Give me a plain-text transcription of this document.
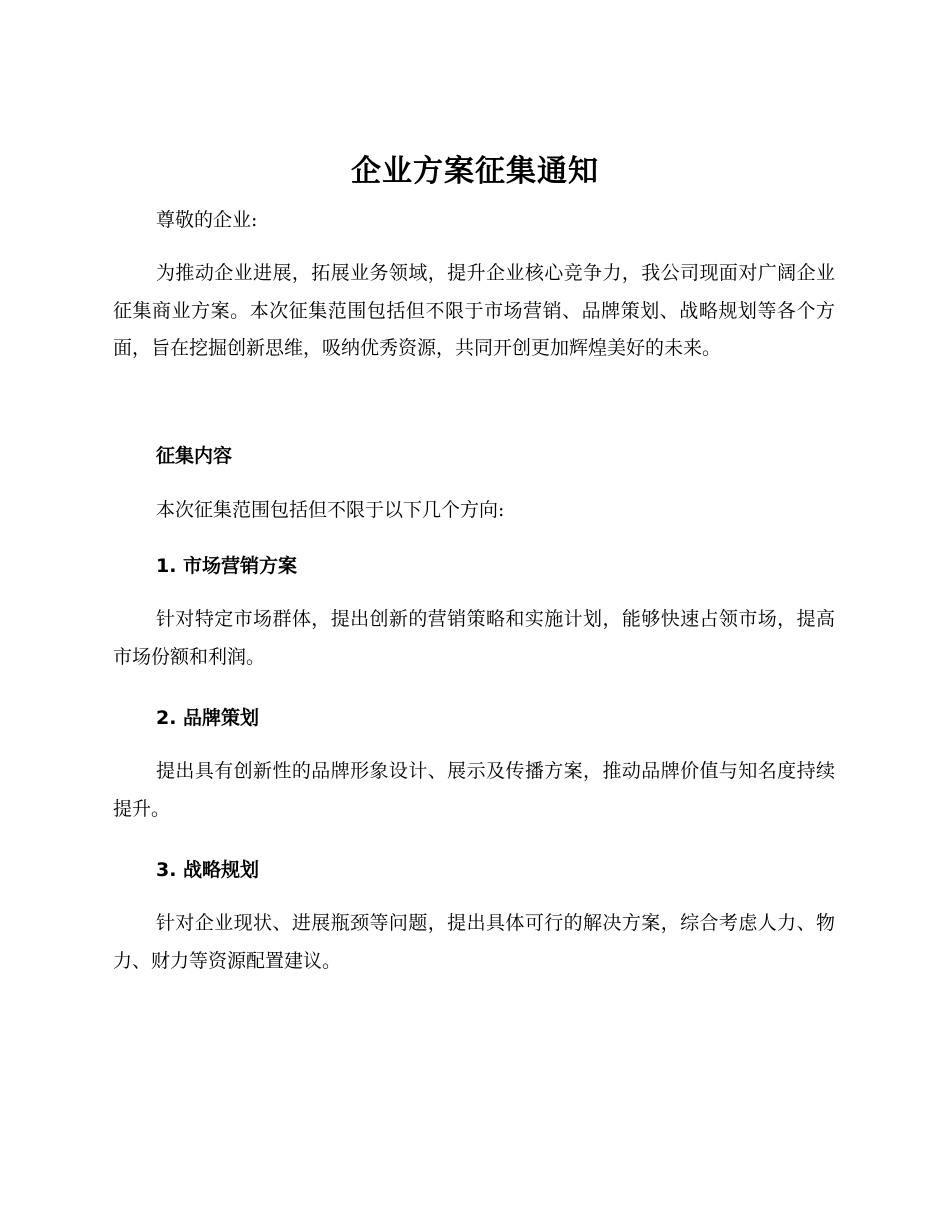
企业方案征集通知
尊敬的企业:
为推动企业进展，拓展业务领域，提升企业核心竞争力，我公司现面对广阔企业征集商业方案。本次征集范围包括但不限于市场营销、品牌策划、战略规划等各个方面，旨在挖掘创新思维，吸纳优秀资源，共同开创更加辉煌美好的未来。
征集内容
本次征集范围包括但不限于以下几个方向:
1. 市场营销方案
针对特定市场群体，提出创新的营销策略和实施计划，能够快速占领市场，提高市场份额和利润。
2. 品牌策划
提出具有创新性的品牌形象设计、展示及传播方案，推动品牌价值与知名度持续提升。
3. 战略规划
针对企业现状、进展瓶颈等问题，提出具体可行的解决方案，综合考虑人力、物力、财力等资源配置建议。
